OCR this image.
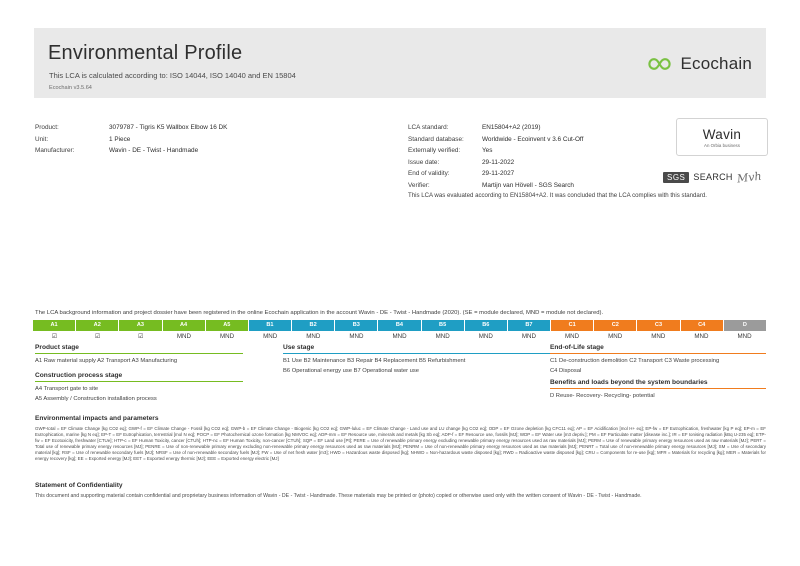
Environmental Profile
This LCA is calculated according to: ISO 14044, ISO 14040 and EN 15804
Ecochain v3.5.64
Ecochain
Product:	3079787 - Tigris K5 Wallbox Elbow 16 DK
Unit:	1 Piece
Manufacturer:	Wavin - DE - Twist - Handmade
LCA standard:	EN15804+A2 (2019)
Standard database:	Worldwide - Ecoinvent v 3.6 Cut-Off
Externally verified:	Yes
Issue date:	29-11-2022
End of validity:	29-11-2027
Verifier:	Martijn van Hövell - SGS Search
Wavin
An Orbia business
SGS SEARCH Mvh
This LCA was evaluated according to EN15804+A2. It was concluded that the LCA complies with this standard.
The LCA background information and project dossier have been registered in the online Ecochain application in the account Wavin - DE - Twist - Handmade (2020). (SE = module declared, MND = module not declared).
A1	A2	A3	A4	A5	B1	B2	B3	B4	B5	B6	B7	C1	C2	C3	C4	D
☑	☑	☑	MND	MND	MND	MND	MND	MND	MND	MND	MND	MND	MND	MND	MND	MND
Product stage
A1 Raw material supply A2 Transport A3 Manufacturing
Construction process stage
A4 Transport gate to site
A5 Assembly / Construction installation process
Use stage
B1 Use B2 Maintenance B3 Repair B4 Replacement B5 Refurbishment
B6 Operational energy use B7 Operational water use
End-of-Life stage
C1 De-construction demolition C2 Transport C3 Waste processing
C4 Disposal
Benefits and loads beyond the system boundaries
D Reuse- Recovery- Recycling- potential
Environmental impacts and parameters
GWP-total = EF Climate Change [kg CO2 eq]; GWP-f = EF Climate Change - Fossil [kg CO2 eq]; GWP-b = EF Climate Change - Biogenic [kg CO2 eq]; GWP-luluc = EF Climate Change - Land use and LU change [kg CO2 eq]; ODP = EF Ozone depletion [kg CFC11 eq]; AP = EF Acidification [mol H+ eq]; EP-fw = EF Eutrophication, freshwater [kg P eq]; EP-m = EF Eutrophication, marine [kg N eq]; EP-T = EF Eutrophication, terrestrial [mol N eq]; POCP = EF Photochemical ozone formation [kg NMVOC eq]; ADP-mm = EF Resource use, minerals and metals [kg Sb eq]; ADP-f = EF Resource use, fossils [MJ]; WDP = EF Water use [m3 depriv.]; PM = EF Particulate matter [disease inc.]; IR = EF Ionising radiation [kBq U-235 eq]; ETP-fw = EF Ecotoxicity, freshwater [CTUe]; HTP-c = EF Human Toxicity, cancer [CTUh]; HTP-nc = EF Human Toxicity, non-cancer [CTUh]; SQP = EF Land use [Pt]; PERE = Use of renewable primary energy excluding renewable primary energy resources used as raw materials [MJ]; PERM = Use of renewable primary energy resources used as raw materials [MJ]; PERT = Total use of renewable primary energy resources [MJ]; PENRE = Use of non-renewable primary energy excluding non-renewable primary energy resources used as raw materials [MJ]; PENRM = Use of non-renewable primary energy resources used as raw materials [MJ]; PENRT = Total use of non-renewable primary energy resources [MJ]; SM = Use of secondary material [kg]; RSF = Use of renewable secondary fuels [MJ]; NRSF = Use of non-renewable secondary fuels [MJ]; FW = Use of net fresh water [m3]; HWD = Hazardous waste disposed [kg]; NHWD = Non-hazardous waste disposed [kg]; RWD = Radioactive waste disposed [kg]; CRU = Components for re-use [kg]; MFR = Materials for recycling [kg]; MER = Materials for energy recovery [kg]; EE = Exported energy [MJ]; EET = Exported energy thermic [MJ]; EEE = Exported energy electric [MJ]
Statement of Confidentiality
This document and supporting material contain confidential and proprietary business information of Wavin - DE - Twist - Handmade. These materials may be printed or (photo) copied or otherwise used only with the written consent of Wavin - DE - Twist - Handmade.
